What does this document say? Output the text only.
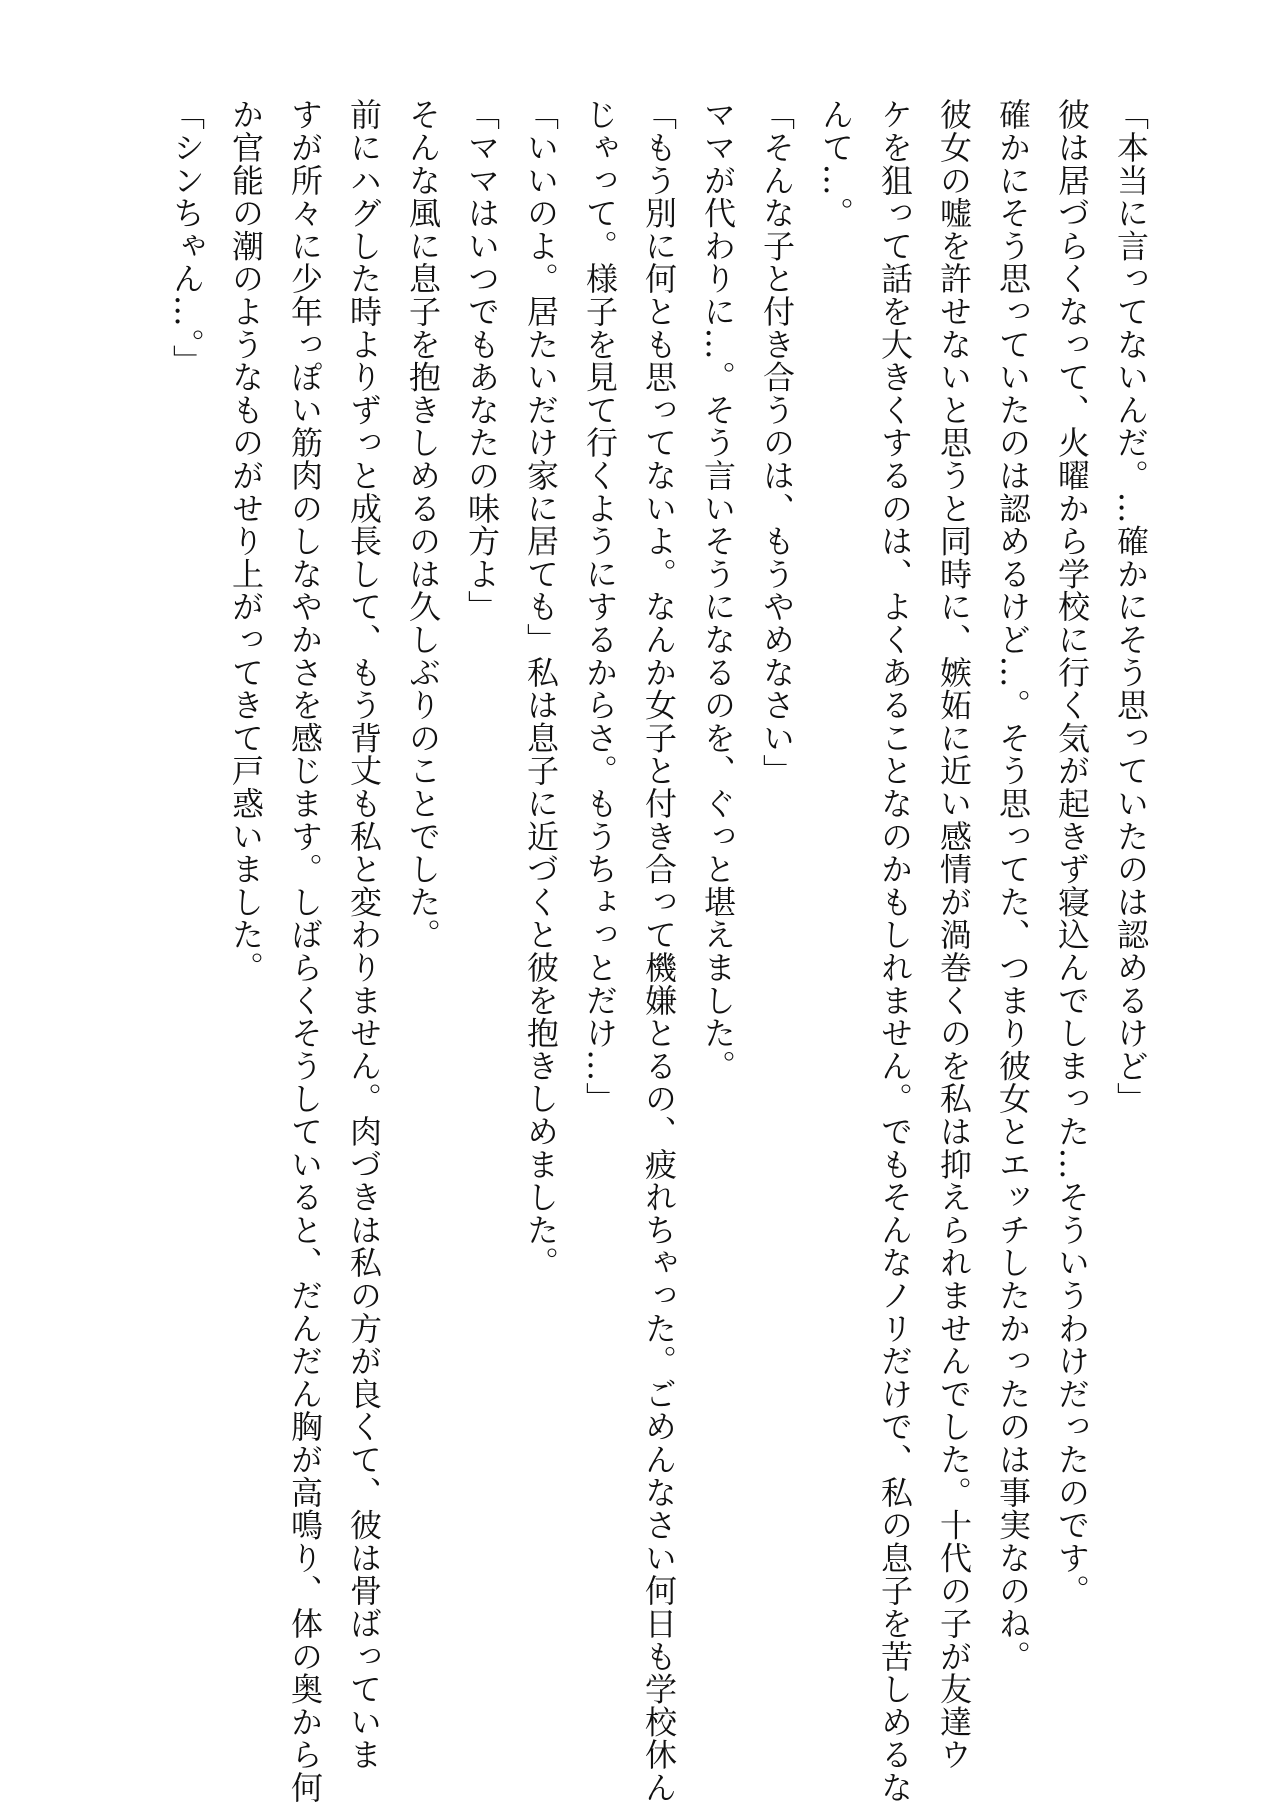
「本当に言ってないんだ。…確かにそう思っていたのは認めるけど」
彼は居づらくなって、火曜から学校に行く気が起きず寝込んでしまった…そういうわけだったのです。
確かにそう思っていたのは認めるけど…。そう思ってた、つまり彼女とエッチしたかったのは事実なのね。
彼女の嘘を許せないと思うと同時に、嫉妬に近い感情が渦巻くのを私は抑えられませんでした。十代の子が友達ウ
ケを狙って話を大きくするのは、よくあることなのかもしれません。でもそんなノリだけで、私の息子を苦しめるな
んて…。
「そんな子と付き合うのは、もうやめなさい」
ママが代わりに…。そう言いそうになるのを、ぐっと堪えました。
「もう別に何とも思ってないよ。なんか女子と付き合って機嫌とるの、疲れちゃった。ごめんなさい何日も学校休ん
じゃって。様子を見て行くようにするからさ。もうちょっとだけ…」
「いいのよ。居たいだけ家に居ても」私は息子に近づくと彼を抱きしめました。
「ママはいつでもあなたの味方よ」
そんな風に息子を抱きしめるのは久しぶりのことでした。
前にハグした時よりずっと成長して、もう背丈も私と変わりません。肉づきは私の方が良くて、彼は骨ばっていま
すが所々に少年っぽい筋肉のしなやかさを感じます。しばらくそうしていると、だんだん胸が高鳴り、体の奥から何
か官能の潮のようなものがせり上がってきて戸惑いました。
「シンちゃん…。」
